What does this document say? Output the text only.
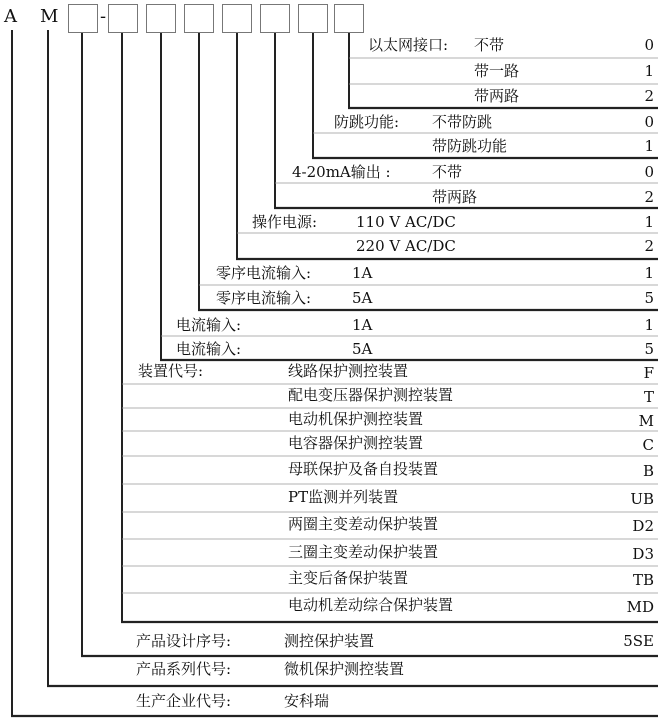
A M -
以太网接口: 不带	0
带一路	1
带两路	2
防跳功能: 不带防跳	0
带防跳功能	1
4-20mA输出 :	不带	0
带两路	2
操作电源:	110 V AC/DC	1
220 V AC/DC	2
零序电流输入:	1A	1
零序电流输入:	5A	5
电流输入:	1A	1
电流输入:	5A	5
装置代号:	线路保护测控装置	F
配电变压器保护测控装置	T
电动机保护测控装置	M
电容器保护测控装置	C
母联保护及备自投装置	B
PT监测并列装置	UB
两圈主变差动保护装置	D2
三圈主变差动保护装置	D3
主变后备保护装置	TB
电动机差动综合保护装置	MD
产品设计序号:	测控保护装置	5SE
产品系列代号:	微机保护测控装置
生产企业代号:	安科瑞
